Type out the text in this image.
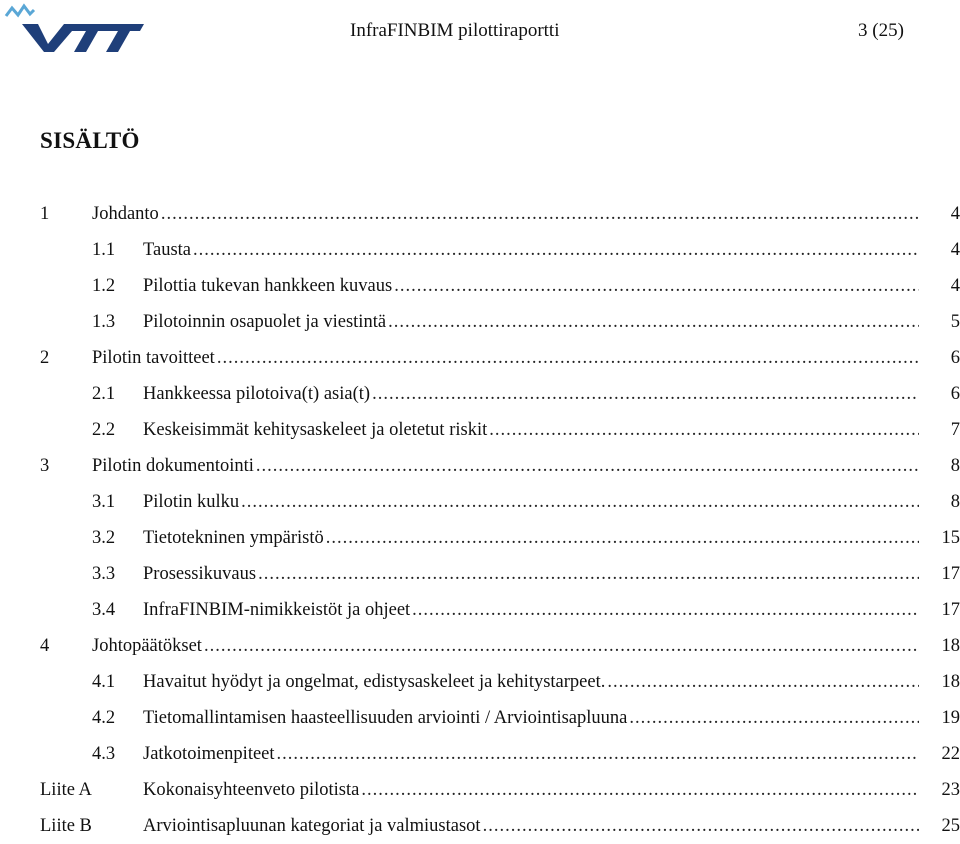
InfraFINBIM pilottiraportti	3 (25)
SISÄLTÖ
1 Johdanto .....	4
1.1 Tausta .....	4
1.2 Pilottia tukevan hankkeen kuvaus .....	4
1.3 Pilotoinnin osapuolet ja viestintä .....	5
2 Pilotin tavoitteet .....	6
2.1 Hankkeessa pilotoiva(t) asia(t) .....	6
2.2 Keskeisimmät kehitysaskeleet ja oletetut riskit .....	7
3 Pilotin dokumentointi .....	8
3.1 Pilotin kulku .....	8
3.2 Tietotekninen ympäristö .....	15
3.3 Prosessikuvaus .....	17
3.4 InfraFINBIM-nimikkeistöt ja ohjeet .....	17
4 Johtopäätökset .....	18
4.1 Havaitut hyödyt ja ongelmat, edistysaskeleet ja kehitystarpeet. .....	18
4.2 Tietomallintamisen haasteellisuuden arviointi / Arviointisapluuna .....	19
4.3 Jatkotoimenpiteet .....	22
Liite A	Kokonaisyhteenveto pilotista .....	23
Liite B	Arviointisapluunan kategoriat ja valmiustasot .....	25
